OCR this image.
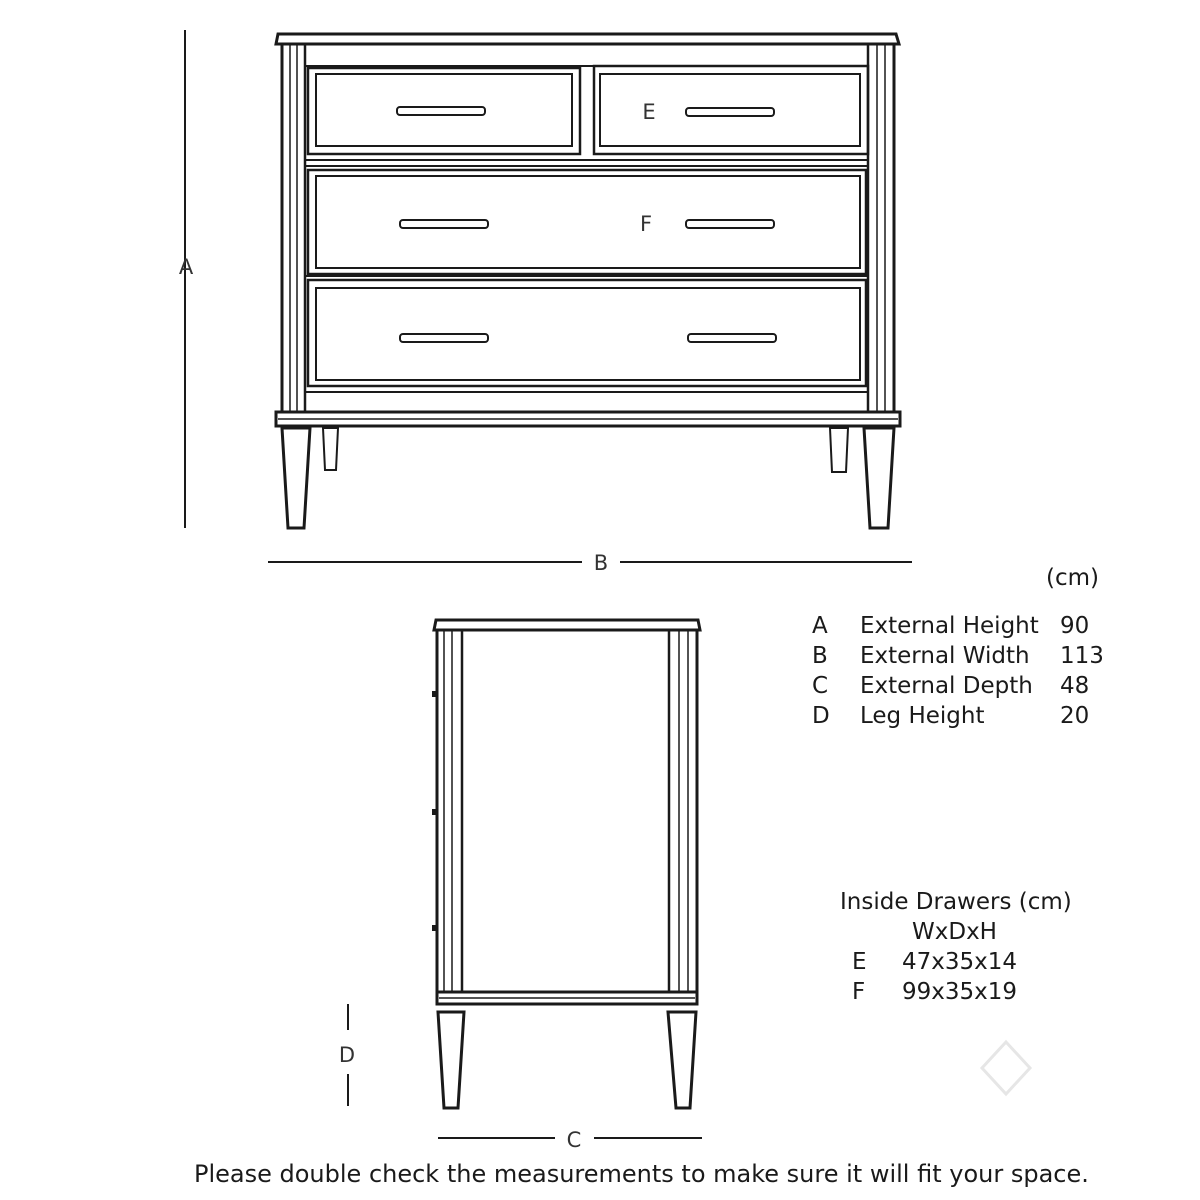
A
B
E
F
D
C
(cm)
A External Height 90
B External Width 113
C External Depth 48
D Leg Height	20
Inside Drawers (cm)
WxDxH
E 47x35x14
F 99x35x19
Please double check the measurements to make sure it will fit your space.
